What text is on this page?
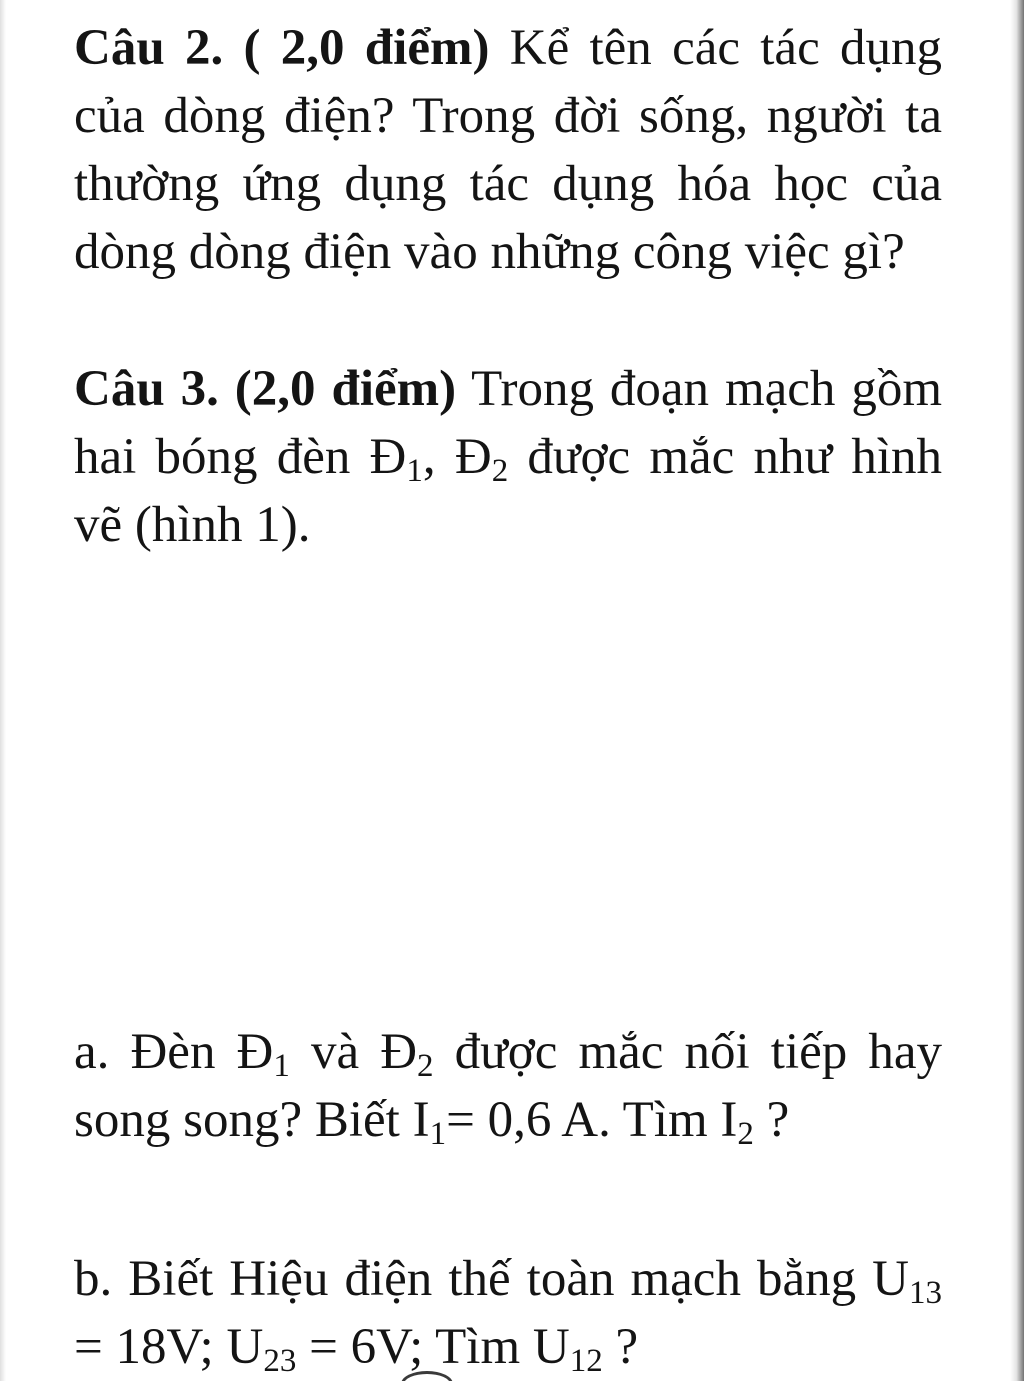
Câu 2. ( 2,0 điểm) Kể tên các tác dụng của dòng điện? Trong đời sống, người ta thường ứng dụng tác dụng hóa học của dòng dòng điện vào những công việc gì?

Câu 3. (2,0 điểm) Trong đoạn mạch gồm hai bóng đèn $Đ_1$, $Đ_2$ được mắc như hình vẽ (hình 1).

a. Đèn $Đ_1$ và $Đ_2$ được mắc nối tiếp hay song song? Biết $I_1= 0,6$ A. Tìm $I_2$ ?

b. Biết Hiệu điện thế toàn mạch bằng $U_{13} = 18V$; $U_{23} = 6V$; Tìm $U_{12}$ ?
